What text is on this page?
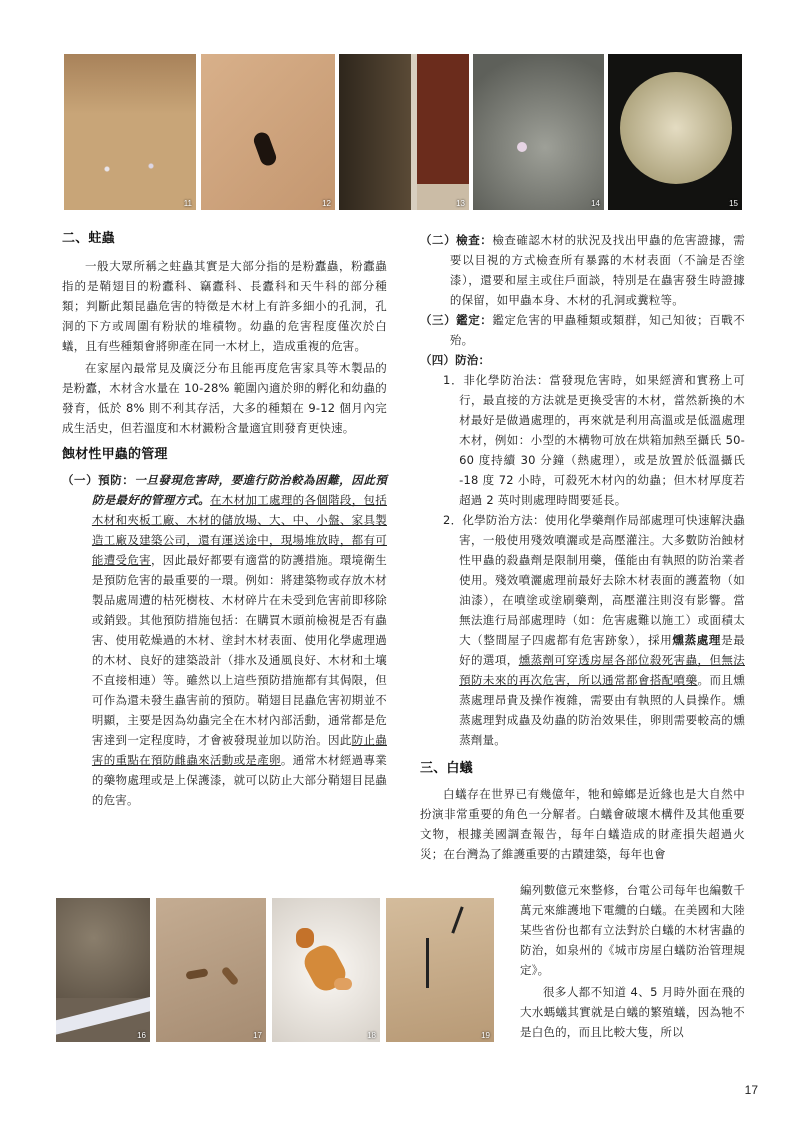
11	12	13	14	15
二、蛀蟲

一般大眾所稱之蛀蟲其實是大部分指的是粉蠹蟲，粉蠹蟲指的是鞘翅目的粉蠹科、竊蠹科、長蠹科和天牛科的部分種類；判斷此類昆蟲危害的特徵是木材上有許多細小的孔洞，孔洞的下方或周圍有粉狀的堆積物。幼蟲的危害程度僅次於白蟻，且有些種類會將卵產在同一木材上，造成重複的危害。

在家屋內最常見及廣泛分布且能再度危害家具等木製品的是粉蠹，木材含水量在 10-28% 範圍內適於卵的孵化和幼蟲的發育，低於 8% 則不利其存活，大多的種類在 9-12 個月內完成生活史，但若溫度和木材澱粉含量適宜則發育更快速。

蝕材性甲蟲的管理

（一）預防：一旦發現危害時，要進行防治較為困難，因此預防是最好的管理方式。在木材加工處理的各個階段，包括木材和夾板工廠、木材的儲放場、大、中、小盤、家具製造工廠及建築公司，還有運送途中，現場堆放時，都有可能遭受危害，因此最好都要有適當的防護措施。環境衛生是預防危害的最重要的一環。例如：將建築物或存放木材製品處周遭的枯死樹枝、木材碎片在未受到危害前即移除或銷毀。其他預防措施包括：在購買木頭前檢視是否有蟲害、使用乾燥過的木材、塗封木材表面、使用化學處理過的木材、良好的建築設計（排水及通風良好、木材和土壤不直接相連）等。雖然以上這些預防措施都有其侷限，但可作為還未發生蟲害前的預防。鞘翅目昆蟲危害初期並不明顯，主要是因為幼蟲完全在木材內部活動，通常都是危害達到一定程度時，才會被發現並加以防治。因此防止蟲害的重點在預防雌蟲來活動或是產卵。通常木材經過專業的藥物處理或是上保護漆，就可以防止大部分鞘翅目昆蟲的危害。

（二）檢查：檢查確認木材的狀況及找出甲蟲的危害證據，需要以目視的方式檢查所有暴露的木材表面（不論是否塗漆），還要和屋主或住戶面談，特別是在蟲害發生時證據的保留，如甲蟲本身、木材的孔洞或糞粒等。

（三）鑑定：鑑定危害的甲蟲種類或類群，知己知彼；百戰不殆。

（四）防治：

1．非化學防治法：當發現危害時，如果經濟和實務上可行，最直接的方法就是更換受害的木材，當然新換的木材最好是做過處理的，再來就是利用高溫或是低溫處理木材，例如：小型的木構物可放在烘箱加熱至攝氏 50-60 度持續 30 分鐘（熱處理），或是放置於低溫攝氏 -18 度 72 小時，可殺死木材內的幼蟲；但木材厚度若超過 2 英吋則處理時間要延長。

2．化學防治方法：使用化學藥劑作局部處理可快速解決蟲害，一般使用殘效噴灑或是高壓灌注。大多數防治蝕材性甲蟲的殺蟲劑是限制用藥，僅能由有執照的防治業者使用。殘效噴灑處理前最好去除木材表面的護蓋物（如油漆），在噴塗或塗刷藥劑，高壓灌注則沒有影響。當無法進行局部處理時（如：危害處難以施工）或面積太大（整間屋子四處都有危害跡象），採用燻蒸處理是最好的選項，燻蒸劑可穿透房屋各部位殺死害蟲，但無法預防未來的再次危害，所以通常都會搭配噴藥。而且燻蒸處理昂貴及操作複雜，需要由有執照的人員操作。燻蒸處理對成蟲及幼蟲的防治效果佳，卵則需要較高的燻蒸劑量。

三、白蟻

白蟻存在世界已有幾億年，牠和蟑螂是近緣也是大自然中扮演非常重要的角色一分解者。白蟻會破壞木構件及其他重要文物，根據美國調查報告，每年白蟻造成的財產損失超過火災；在台灣為了維護重要的古蹟建築，每年也會

編列數億元來整修，台電公司每年也編數千萬元來維護地下電纜的白蟻。在美國和大陸某些省份也都有立法對於白蟻的木材害蟲的防治，如泉州的《城市房屋白蟻防治管理規定》。

很多人都不知道 4、5 月時外面在飛的大水螞蟻其實就是白蟻的繁殖蟻，因為牠不是白色的，而且比較大隻，所以

16	17	18	19
17
